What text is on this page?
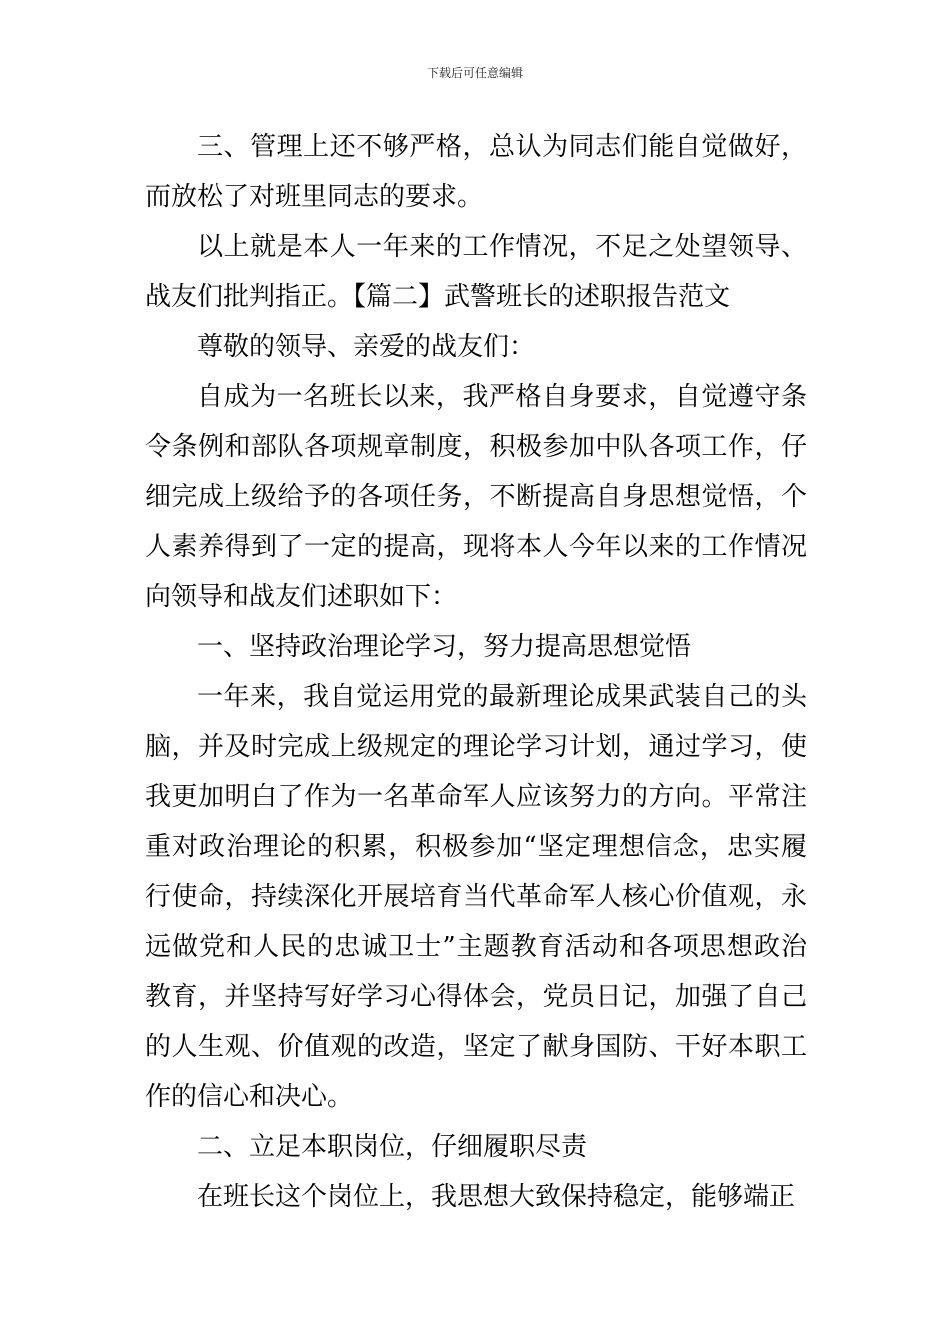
下载后可任意编辑

三、管理上还不够严格，总认为同志们能自觉做好，而放松了对班里同志的要求。

以上就是本人一年来的工作情况，不足之处望领导、战友们批判指正。【篇二】武警班长的述职报告范文

尊敬的领导、亲爱的战友们：

自成为一名班长以来，我严格自身要求，自觉遵守条令条例和部队各项规章制度，积极参加中队各项工作，仔细完成上级给予的各项任务，不断提高自身思想觉悟，个人素养得到了一定的提高，现将本人今年以来的工作情况向领导和战友们述职如下：

一、坚持政治理论学习，努力提高思想觉悟

一年来，我自觉运用党的最新理论成果武装自己的头脑，并及时完成上级规定的理论学习计划，通过学习，使我更加明白了作为一名革命军人应该努力的方向。平常注重对政治理论的积累，积极参加“坚定理想信念，忠实履行使命，持续深化开展培育当代革命军人核心价值观，永远做党和人民的忠诚卫士”主题教育活动和各项思想政治教育，并坚持写好学习心得体会，党员日记，加强了自己的人生观、价值观的改造，坚定了献身国防、干好本职工作的信心和决心。

二、立足本职岗位，仔细履职尽责

在班长这个岗位上，我思想大致保持稳定，能够端正
